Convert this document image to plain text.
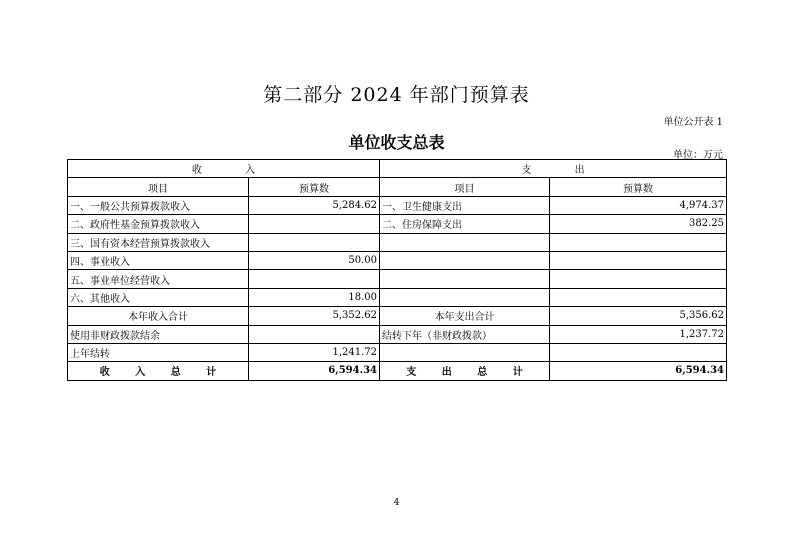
第二部分 2024 年部门预算表
单位公开表 1
单位收支总表
单位：万元
收 入		支 出	
项目	预算数	项目	预算数
一、一般公共预算拨款收入	5,284.62	一、卫生健康支出	4,974.37
二、政府性基金预算拨款收入		二、住房保障支出	382.25
三、国有资本经营预算拨款收入			
四、事业收入	50.00		
五、事业单位经营收入			
六、其他收入	18.00		
本年收入合计	5,352.62	本年支出合计	5,356.62
使用非财政拨款结余		结转下年（非财政拨款）	1,237.72
上年结转	1,241.72		
收 入 总 计	6,594.34	支 出 总 计	6,594.34
4
